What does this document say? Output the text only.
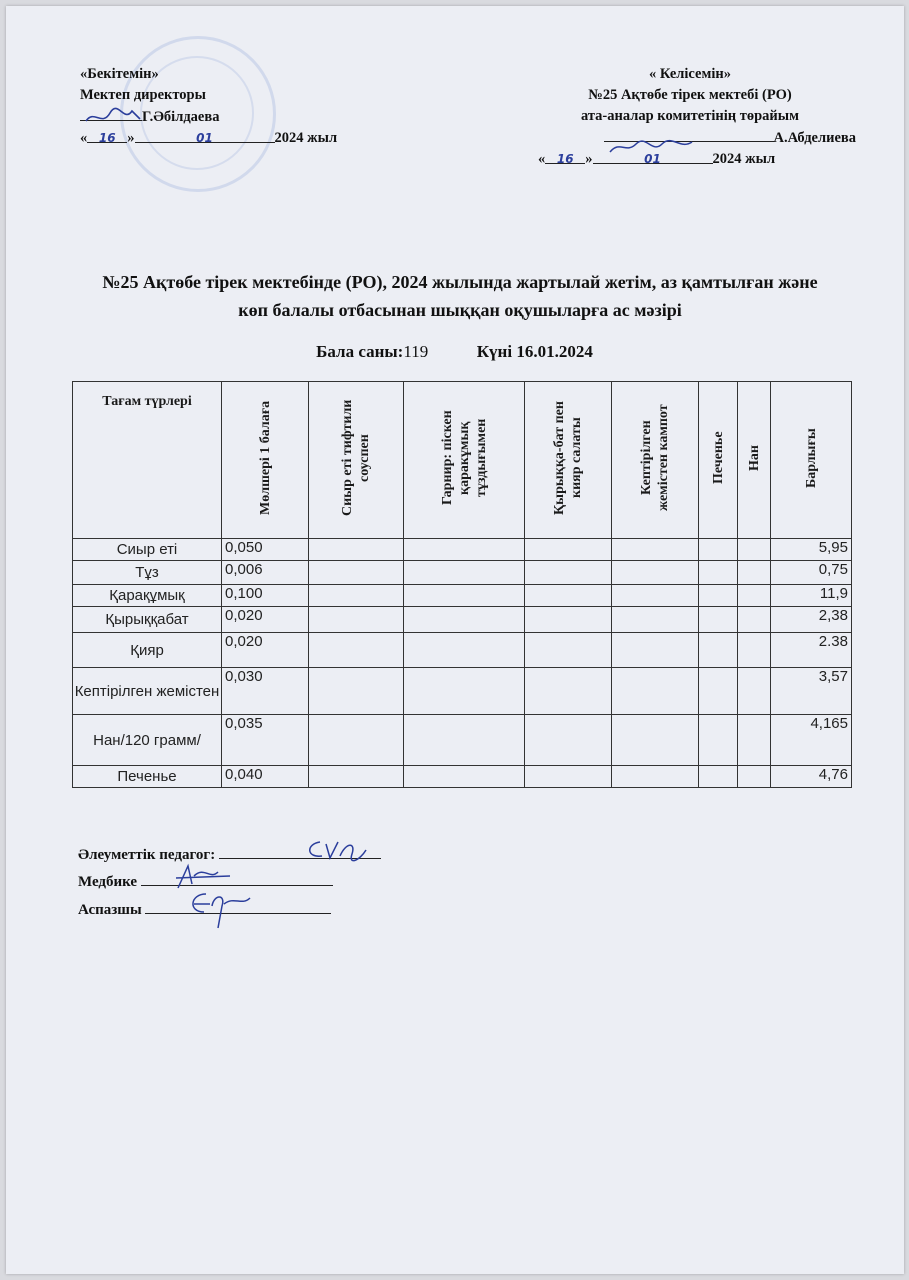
«Бекітемін»
Мектеп директоры
Г.Әбілдаева
« 16 »	01	2024 жыл
« Келісемін»
№25 Ақтөбе тірек мектебі (РО)
ата-аналар комитетінің төрайым
А.Абделиева
« 16 »	01	2024 жыл
№25 Ақтөбе тірек мектебінде (РО), 2024 жылында жартылай жетім, аз қамтылған және көп балалы отбасынан шыққан оқушыларға ас мәзірі
Бала саны:119	Күні 16.01.2024
Тағам түрлері	Мөлшері 1 балаға	Сиыр еті тифтили соуспен	Гарнир: піскен қаракұмық тұздығымен	Қырыққа-бат пен кияр салаты	Кептірілген жемістен кампот	Печенье	Нан	Барлығы
Сиыр еті	0,050							5,95
Тұз	0,006							0,75
Қарақұмық	0,100							11,9
Қырыққабат	0,020							2,38
Қияр	0,020							2.38
Кептірілген жемістен	0,030							3,57
Нан/120 грамм/	0,035							4,165
Печенье	0,040							4,76
Әлеуметтік педагог:
Медбике
Аспазшы
